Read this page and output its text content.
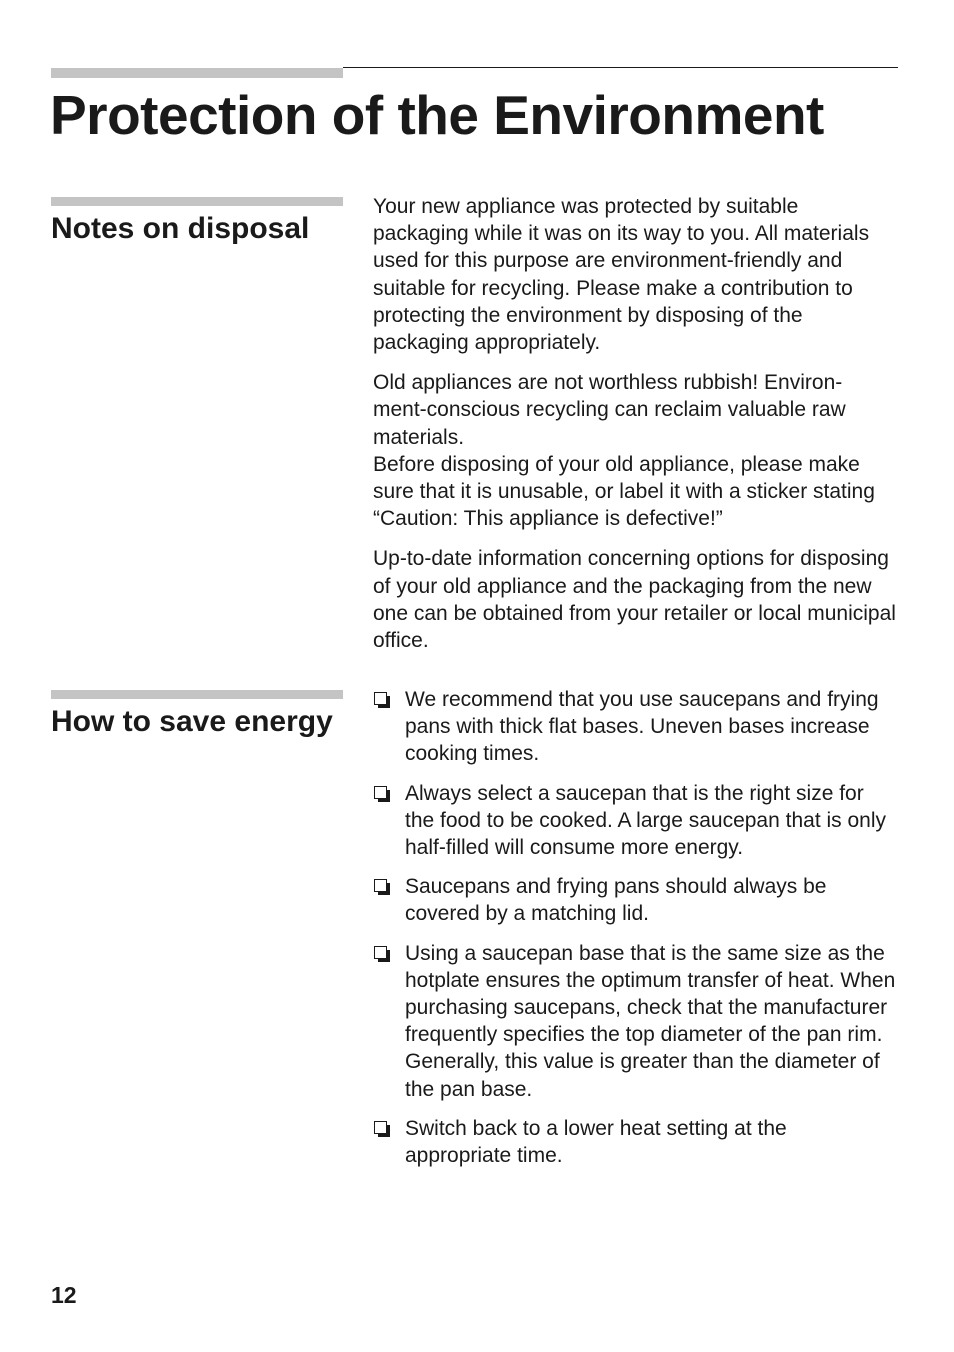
Protection of the Environment
Notes on disposal

Your new appliance was protected by suitable packaging while it was on its way to you. All materials used for this purpose are environment-friendly and suitable for recycling. Please make a contribution to protecting the environment by disposing of the packaging appropriately.

Old appliances are not worthless rubbish! Environ-
ment-conscious recycling can reclaim valuable raw materials.
Before disposing of your old appliance, please make sure that it is unusable, or label it with a sticker stating “Caution: This appliance is defective!”

Up-to-date information concerning options for disposing of your old appliance and the packaging from the new one can be obtained from your retailer or local municipal office.

How to save energy
We recommend that you use saucepans and frying pans with thick flat bases. Uneven bases increase cooking times.
Always select a saucepan that is the right size for the food to be cooked. A large saucepan that is only half-filled will consume more energy.
Saucepans and frying pans should always be covered by a matching lid.
Using a saucepan base that is the same size as the hotplate ensures the optimum transfer of heat. When purchasing saucepans, check that the manufacturer frequently specifies the top diameter of the pan rim. Generally, this value is greater than the diameter of the pan base.
Switch back to a lower heat setting at the appropriate time.
12
